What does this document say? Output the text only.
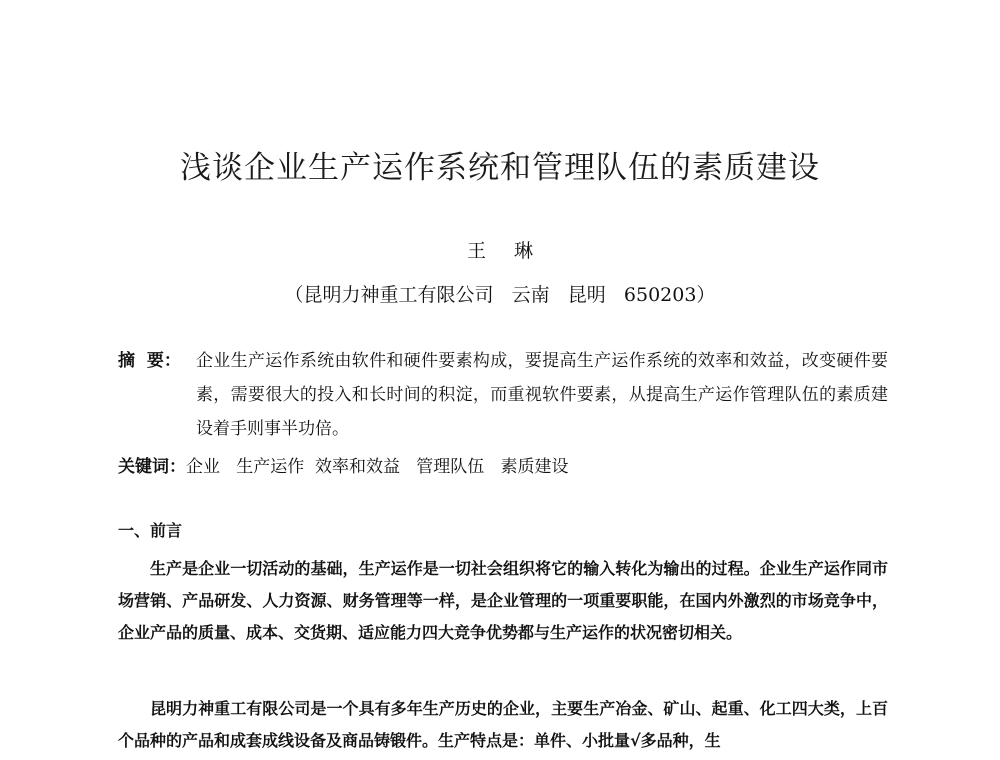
浅谈企业生产运作系统和管理队伍的素质建设
王 琳
（昆明力神重工有限公司   云南   昆明   650203）
摘  要： 企业生产运作系统由软件和硬件要素构成，要提高生产运作系统的效率和效益，改变硬件要素，需要很大的投入和长时间的积淀，而重视软件要素，从提高生产运作管理队伍的素质建设着手则事半功倍。
关键词：企业   生产运作  效率和效益   管理队伍   素质建设
一、前言
生产是企业一切活动的基础，生产运作是一切社会组织将它的输入转化为输出的过程。企业生产运作同市场营销、产品研发、人力资源、财务管理等一样，是企业管理的一项重要职能，在国内外激烈的市场竞争中，企业产品的质量、成本、交货期、适应能力四大竞争优势都与生产运作的状况密切相关。
昆明力神重工有限公司是一个具有多年生产历史的企业，主要生产冶金、矿山、起重、化工四大类，上百个品种的产品和成套成线设备及商品铸锻件。生产特点是：单件、小批量√多品种，生
